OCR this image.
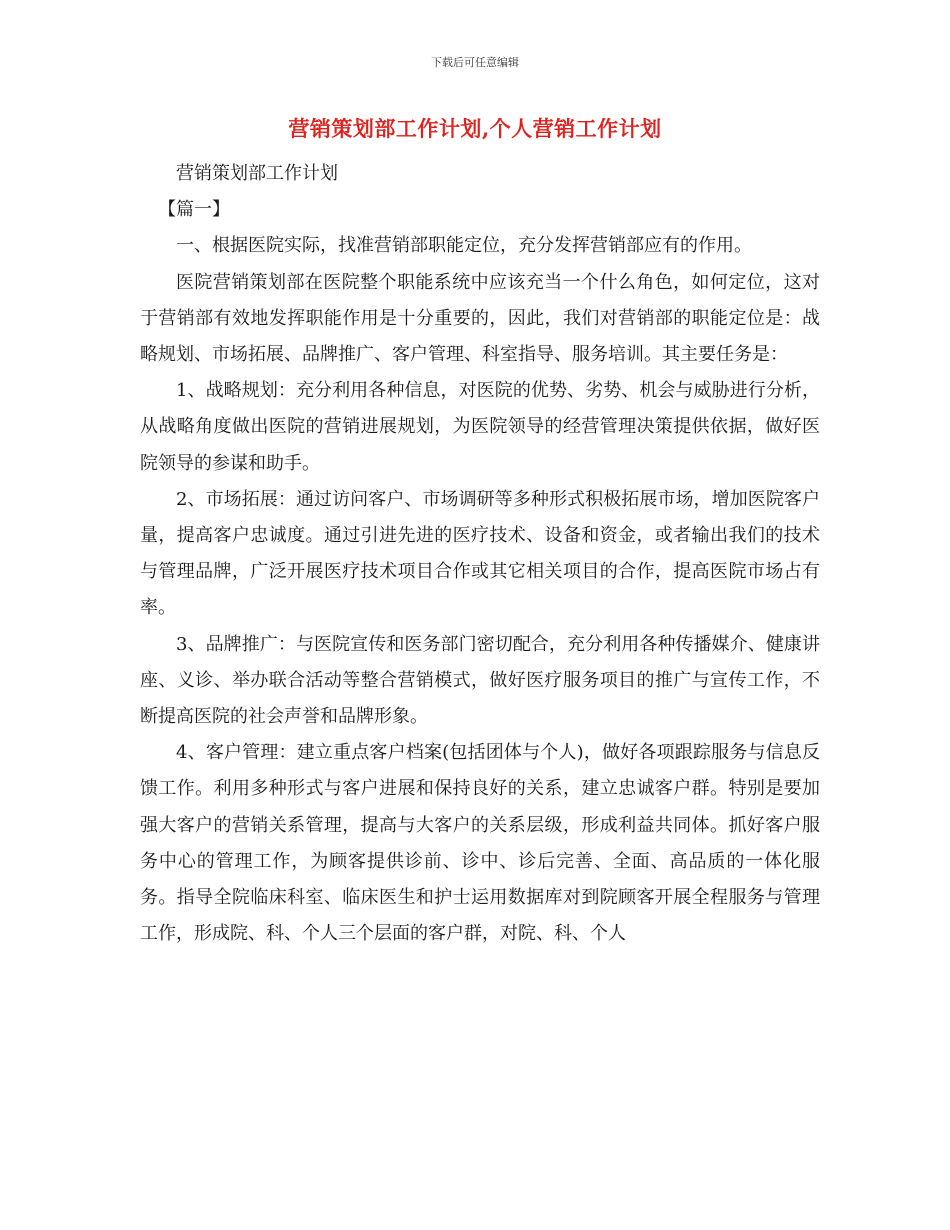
下载后可任意编辑
营销策划部工作计划,个人营销工作计划

营销策划部工作计划

【篇一】

一、根据医院实际，找准营销部职能定位，充分发挥营销部应有的作用。

医院营销策划部在医院整个职能系统中应该充当一个什么角色，如何定位，这对于营销部有效地发挥职能作用是十分重要的，因此，我们对营销部的职能定位是：战略规划、市场拓展、品牌推广、客户管理、科室指导、服务培训。其主要任务是：

1、战略规划：充分利用各种信息，对医院的优势、劣势、机会与威胁进行分析，从战略角度做出医院的营销进展规划，为医院领导的经营管理决策提供依据，做好医院领导的参谋和助手。

2、市场拓展：通过访问客户、市场调研等多种形式积极拓展市场，增加医院客户量，提高客户忠诚度。通过引进先进的医疗技术、设备和资金，或者输出我们的技术与管理品牌，广泛开展医疗技术项目合作或其它相关项目的合作，提高医院市场占有率。

3、品牌推广：与医院宣传和医务部门密切配合，充分利用各种传播媒介、健康讲座、义诊、举办联合活动等整合营销模式，做好医疗服务项目的推广与宣传工作，不断提高医院的社会声誉和品牌形象。

4、客户管理：建立重点客户档案(包括团体与个人)，做好各项跟踪服务与信息反馈工作。利用多种形式与客户进展和保持良好的关系，建立忠诚客户群。特别是要加强大客户的营销关系管理，提高与大客户的关系层级，形成利益共同体。抓好客户服务中心的管理工作，为顾客提供诊前、诊中、诊后完善、全面、高品质的一体化服务。指导全院临床科室、临床医生和护士运用数据库对到院顾客开展全程服务与管理工作，形成院、科、个人三个层面的客户群，对院、科、个人
